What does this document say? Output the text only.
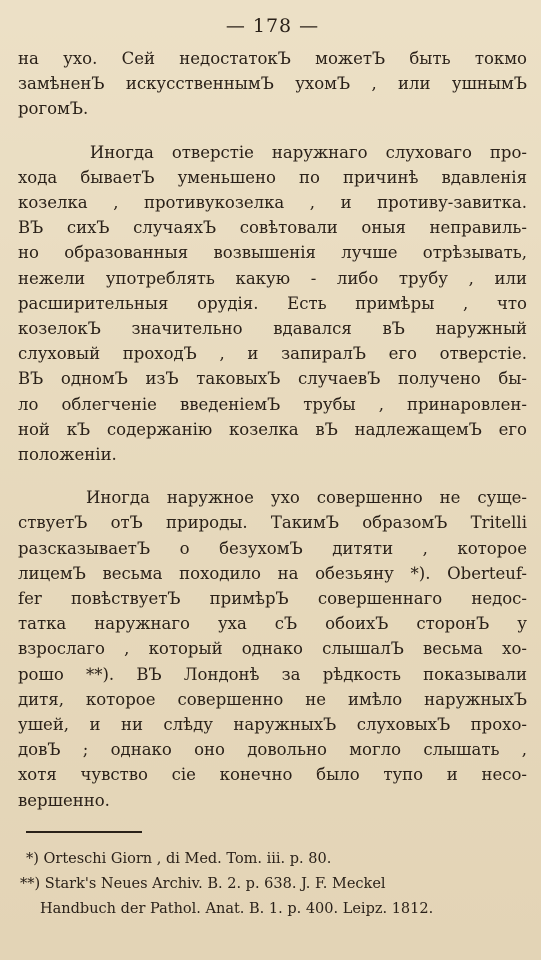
— 178 —
на ухо. Сей недостатокЪ можетЪ быть токмо
замѣненЪ искусственнымЪ ухомЪ , или ушнымЪ
рогомЪ.
Иногда отверстіе наружнаго слуховаго про-
хода бываетЪ уменьшено по причинѣ вдавленія
козелка , противукозелка , и противу-завитка.
ВЪ сихЪ случаяхЪ совѣтовали оныя неправиль-
но образованныя возвышенія лучше отрѣзывать,
нежели употреблять какую - либо трубу , или
расширительныя орудія. Есть примѣры , что
козелокЪ значительно вдавался вЪ наружный
слуховый проходЪ , и запиралЪ его отверстіе.
ВЪ одномЪ изЪ таковыхЪ случаевЪ получено бы-
ло облегченіе введеніемЪ трубы , принаровлен-
ной кЪ содержанію козелка вЪ надлежащемЪ его
положеніи.
Иногда наружное ухо совершенно не суще-
ствуетЪ отЪ природы. ТакимЪ образомЪ Tritelli
разсказываетЪ о безухомЪ дитяти , которое
лицемЪ весьма походило на обезьяну *). Oberteuf-
fer повѣствуетЪ примѣрЪ совершеннаго недос-
татка наружнаго уха сЪ обоихЪ сторонЪ у
взрослаго , который однако слышалЪ весьма хо-
рошо **). ВЪ Лондонѣ за рѣдкость показывали
дитя, которое совершенно не имѣло наружныхЪ
ушей, и ни слѣду наружныхЪ слуховыхЪ прохо-
довЪ ; однако оно довольно могло слышать ,
хотя чувство сіе конечно было тупо и несо-
вершенно.
*) Orteschi Giorn , di Med. Tom. iii. p. 80.
**) Stark's Neues Archiv. B. 2. p. 638. J. F. Meckel
Handbuch der Pathol. Anat. B. 1. p. 400. Leipz. 1812.
